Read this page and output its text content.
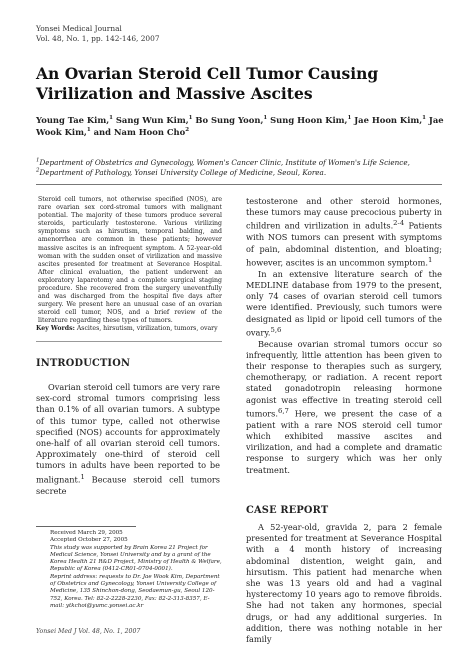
Yonsei Medical Journal
Vol. 48, No. 1, pp. 142-146, 2007
An Ovarian Steroid Cell Tumor Causing Virilization and Massive Ascites
Young Tae Kim,$^1$ Sang Wun Kim,$^1$ Bo Sung Yoon,$^1$ Sung Hoon Kim,$^1$ Jae Hoon Kim,$^1$ Jae Wook Kim,$^1$ and Nam Hoon Cho$^2$
$^1$Department of Obstetrics and Gynecology, Women's Cancer Clinic, Institute of Women's Life Science, $^2$Department of Pathology, Yonsei University College of Medicine, Seoul, Korea.
Steroid cell tumors, not otherwise specified (NOS), are rare ovarian sex cord-stromal tumors with malignant potential. The majority of these tumors produce several steroids, particularly testosterone. Various virilizing symptoms such as hirsutism, temporal balding, and amenorrhea are common in these patients; however massive ascites is an infrequent symptom. A 52-year-old woman with the sudden onset of virilization and massive ascites presented for treatment at Severance Hospital. After clinical evaluation, the patient underwent an exploratory laparotomy and a complete surgical staging procedure. She recovered from the surgery uneventfully and was discharged from the hospital five days after surgery. We present here an unusual case of an ovarian steroid cell tumor, NOS, and a brief review of the literature regarding these types of tumors.
Key Words: Ascites, hirsutism, virilization, tumors, ovary
INTRODUCTION

Ovarian steroid cell tumors are very rare sex-cord stromal tumors comprising less than 0.1% of all ovarian tumors. A subtype of this tumor type, called not otherwise specified (NOS) accounts for approximately one-half of all ovarian steroid cell tumors. Approximately one-third of steroid cell tumors in adults have been reported to be malignant.$^1$ Because steroid cell tumors secrete

Received March 29, 2005
Accepted October 27, 2005
This study was supported by Brain Korea 21 Project for Medical Science, Yonsei University and by a grant of the Korea Health 21 R&D Project, Ministry of Health & Welfare, Republic of Korea (0412-CR01-0704-0001).
Reprint address: requests to Dr. Jae Wook Kim, Department of Obstetrics and Gynecology, Yonsei University College of Medicine, 135 Shinchon-dong, Seodaemun-gu, Seoul 120-752, Korea. Tel: 82-2-2228-2230, Fax: 82-2-313-8357, E-mail: ytkchoi@yumc.yonsei.ac.kr

testosterone and other steroid hormones, these tumors may cause precocious puberty in children and virilization in adults.$^{2-4}$ Patients with NOS tumors can present with symptoms of pain, abdominal distention, and bloating; however, ascites is an uncommon symptom.$^1$

In an extensive literature search of the MEDLINE database from 1979 to the present, only 74 cases of ovarian steroid cell tumors were identified. Previously, such tumors were designated as lipid or lipoid cell tumors of the ovary.$^{5,6}$

Because ovarian stromal tumors occur so infrequently, little attention has been given to their response to therapies such as surgery, chemotherapy, or radiation. A recent report stated gonadotropin releasing hormone agonist was effective in treating steroid cell tumors.$^{6,7}$ Here, we present the case of a patient with a rare NOS steroid cell tumor which exhibited massive ascites and virilization, and had a complete and dramatic response to surgery which was her only treatment.

CASE REPORT

A 52-year-old, gravida 2, para 2 female presented for treatment at Severance Hospital with a 4 month history of increasing abdominal distention, weight gain, and hirsutism. This patient had menarche when she was 13 years old and had a vaginal hysterectomy 10 years ago to remove fibroids. She had not taken any hormones, special drugs, or had any additional surgeries. In addition, there was nothing notable in her family

Yonsei Med J Vol. 48, No. 1, 2007
